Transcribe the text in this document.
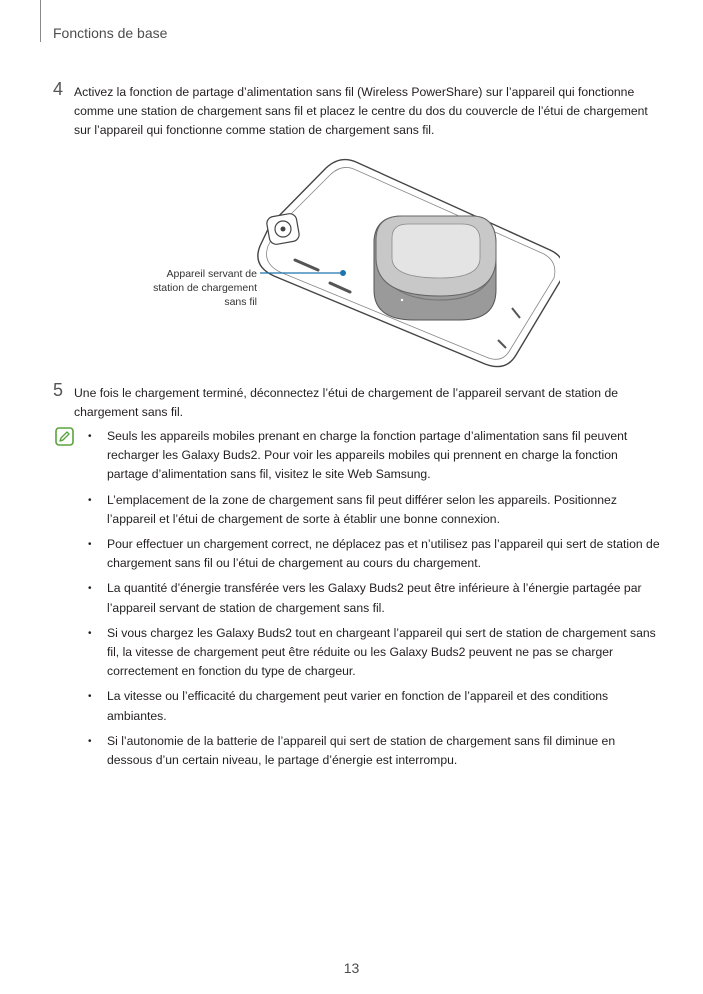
Fonctions de base
4 Activez la fonction de partage d’alimentation sans fil (Wireless PowerShare) sur l’appareil qui fonctionne comme une station de chargement sans fil et placez le centre du dos du couvercle de l’étui de chargement sur l’appareil qui fonctionne comme station de chargement sans fil.
Appareil servant de
station de chargement
sans fil
5 Une fois le chargement terminé, déconnectez l’étui de chargement de l’appareil servant de station de chargement sans fil.
• Seuls les appareils mobiles prenant en charge la fonction partage d’alimentation sans fil peuvent recharger les Galaxy Buds2. Pour voir les appareils mobiles qui prennent en charge la fonction partage d’alimentation sans fil, visitez le site Web Samsung.
• L’emplacement de la zone de chargement sans fil peut différer selon les appareils. Positionnez l’appareil et l’étui de chargement de sorte à établir une bonne connexion.
• Pour effectuer un chargement correct, ne déplacez pas et n’utilisez pas l’appareil qui sert de station de chargement sans fil ou l’étui de chargement au cours du chargement.
• La quantité d’énergie transférée vers les Galaxy Buds2 peut être inférieure à l’énergie partagée par l’appareil servant de station de chargement sans fil.
• Si vous chargez les Galaxy Buds2 tout en chargeant l’appareil qui sert de station de chargement sans fil, la vitesse de chargement peut être réduite ou les Galaxy Buds2 peuvent ne pas se charger correctement en fonction du type de chargeur.
• La vitesse ou l’efficacité du chargement peut varier en fonction de l’appareil et des conditions ambiantes.
• Si l’autonomie de la batterie de l’appareil qui sert de station de chargement sans fil diminue en dessous d’un certain niveau, le partage d’énergie est interrompu.
13
